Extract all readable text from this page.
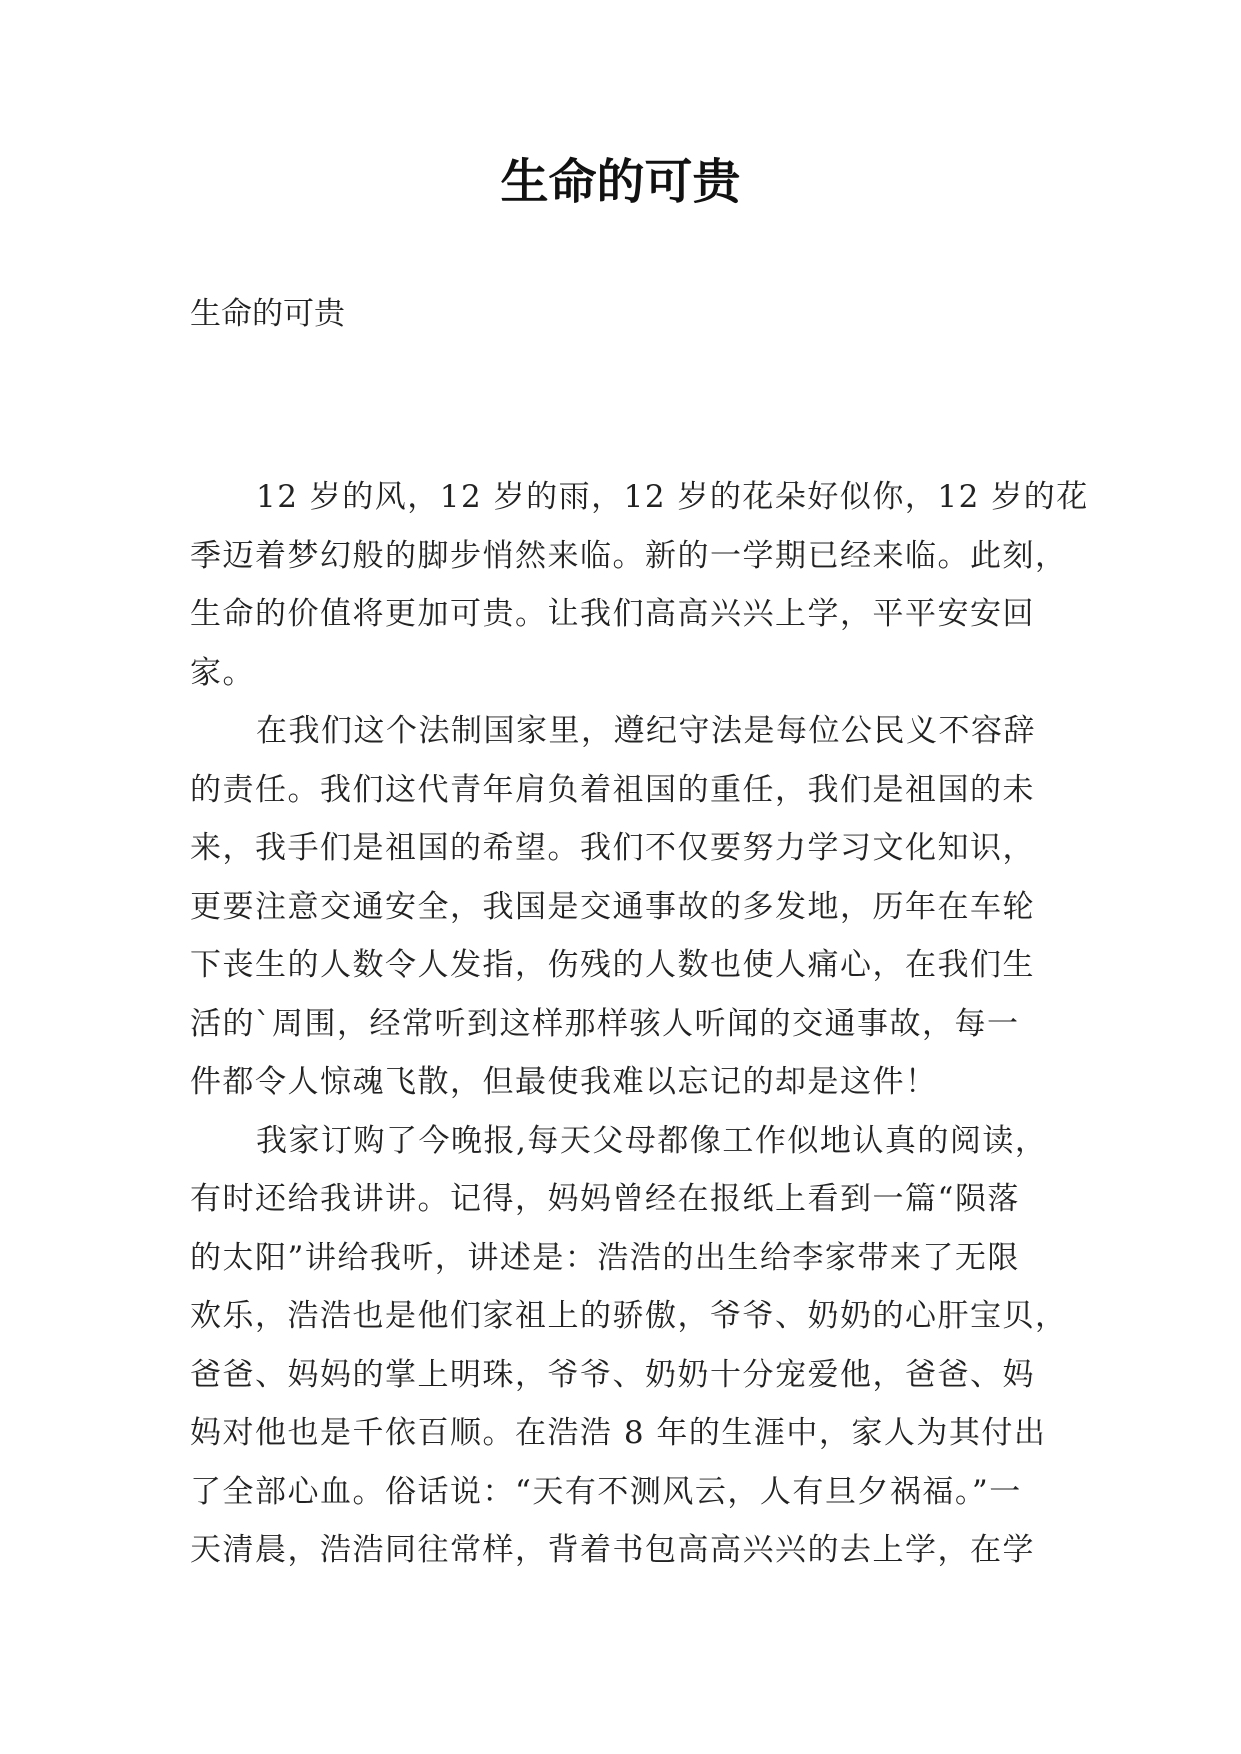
生命的可贵
生命的可贵
12 岁的风，12 岁的雨，12 岁的花朵好似你，12 岁的花
季迈着梦幻般的脚步悄然来临。新的一学期已经来临。此刻，
生命的价值将更加可贵。让我们高高兴兴上学，平平安安回
家。
在我们这个法制国家里，遵纪守法是每位公民义不容辞
的责任。我们这代青年肩负着祖国的重任，我们是祖国的未
来，我手们是祖国的希望。我们不仅要努力学习文化知识，
更要注意交通安全，我国是交通事故的多发地，历年在车轮
下丧生的人数令人发指，伤残的人数也使人痛心，在我们生
活的`周围，经常听到这样那样骇人听闻的交通事故，每一
件都令人惊魂飞散，但最使我难以忘记的却是这件！
我家订购了今晚报,每天父母都像工作似地认真的阅读，
有时还给我讲讲。记得，妈妈曾经在报纸上看到一篇“陨落
的太阳”讲给我听，讲述是：浩浩的出生给李家带来了无限
欢乐，浩浩也是他们家祖上的骄傲，爷爷、奶奶的心肝宝贝，
爸爸、妈妈的掌上明珠，爷爷、奶奶十分宠爱他，爸爸、妈
妈对他也是千依百顺。在浩浩 8 年的生涯中，家人为其付出
了全部心血。俗话说：“天有不测风云，人有旦夕祸福。”一
天清晨，浩浩同往常样，背着书包高高兴兴的去上学，在学
